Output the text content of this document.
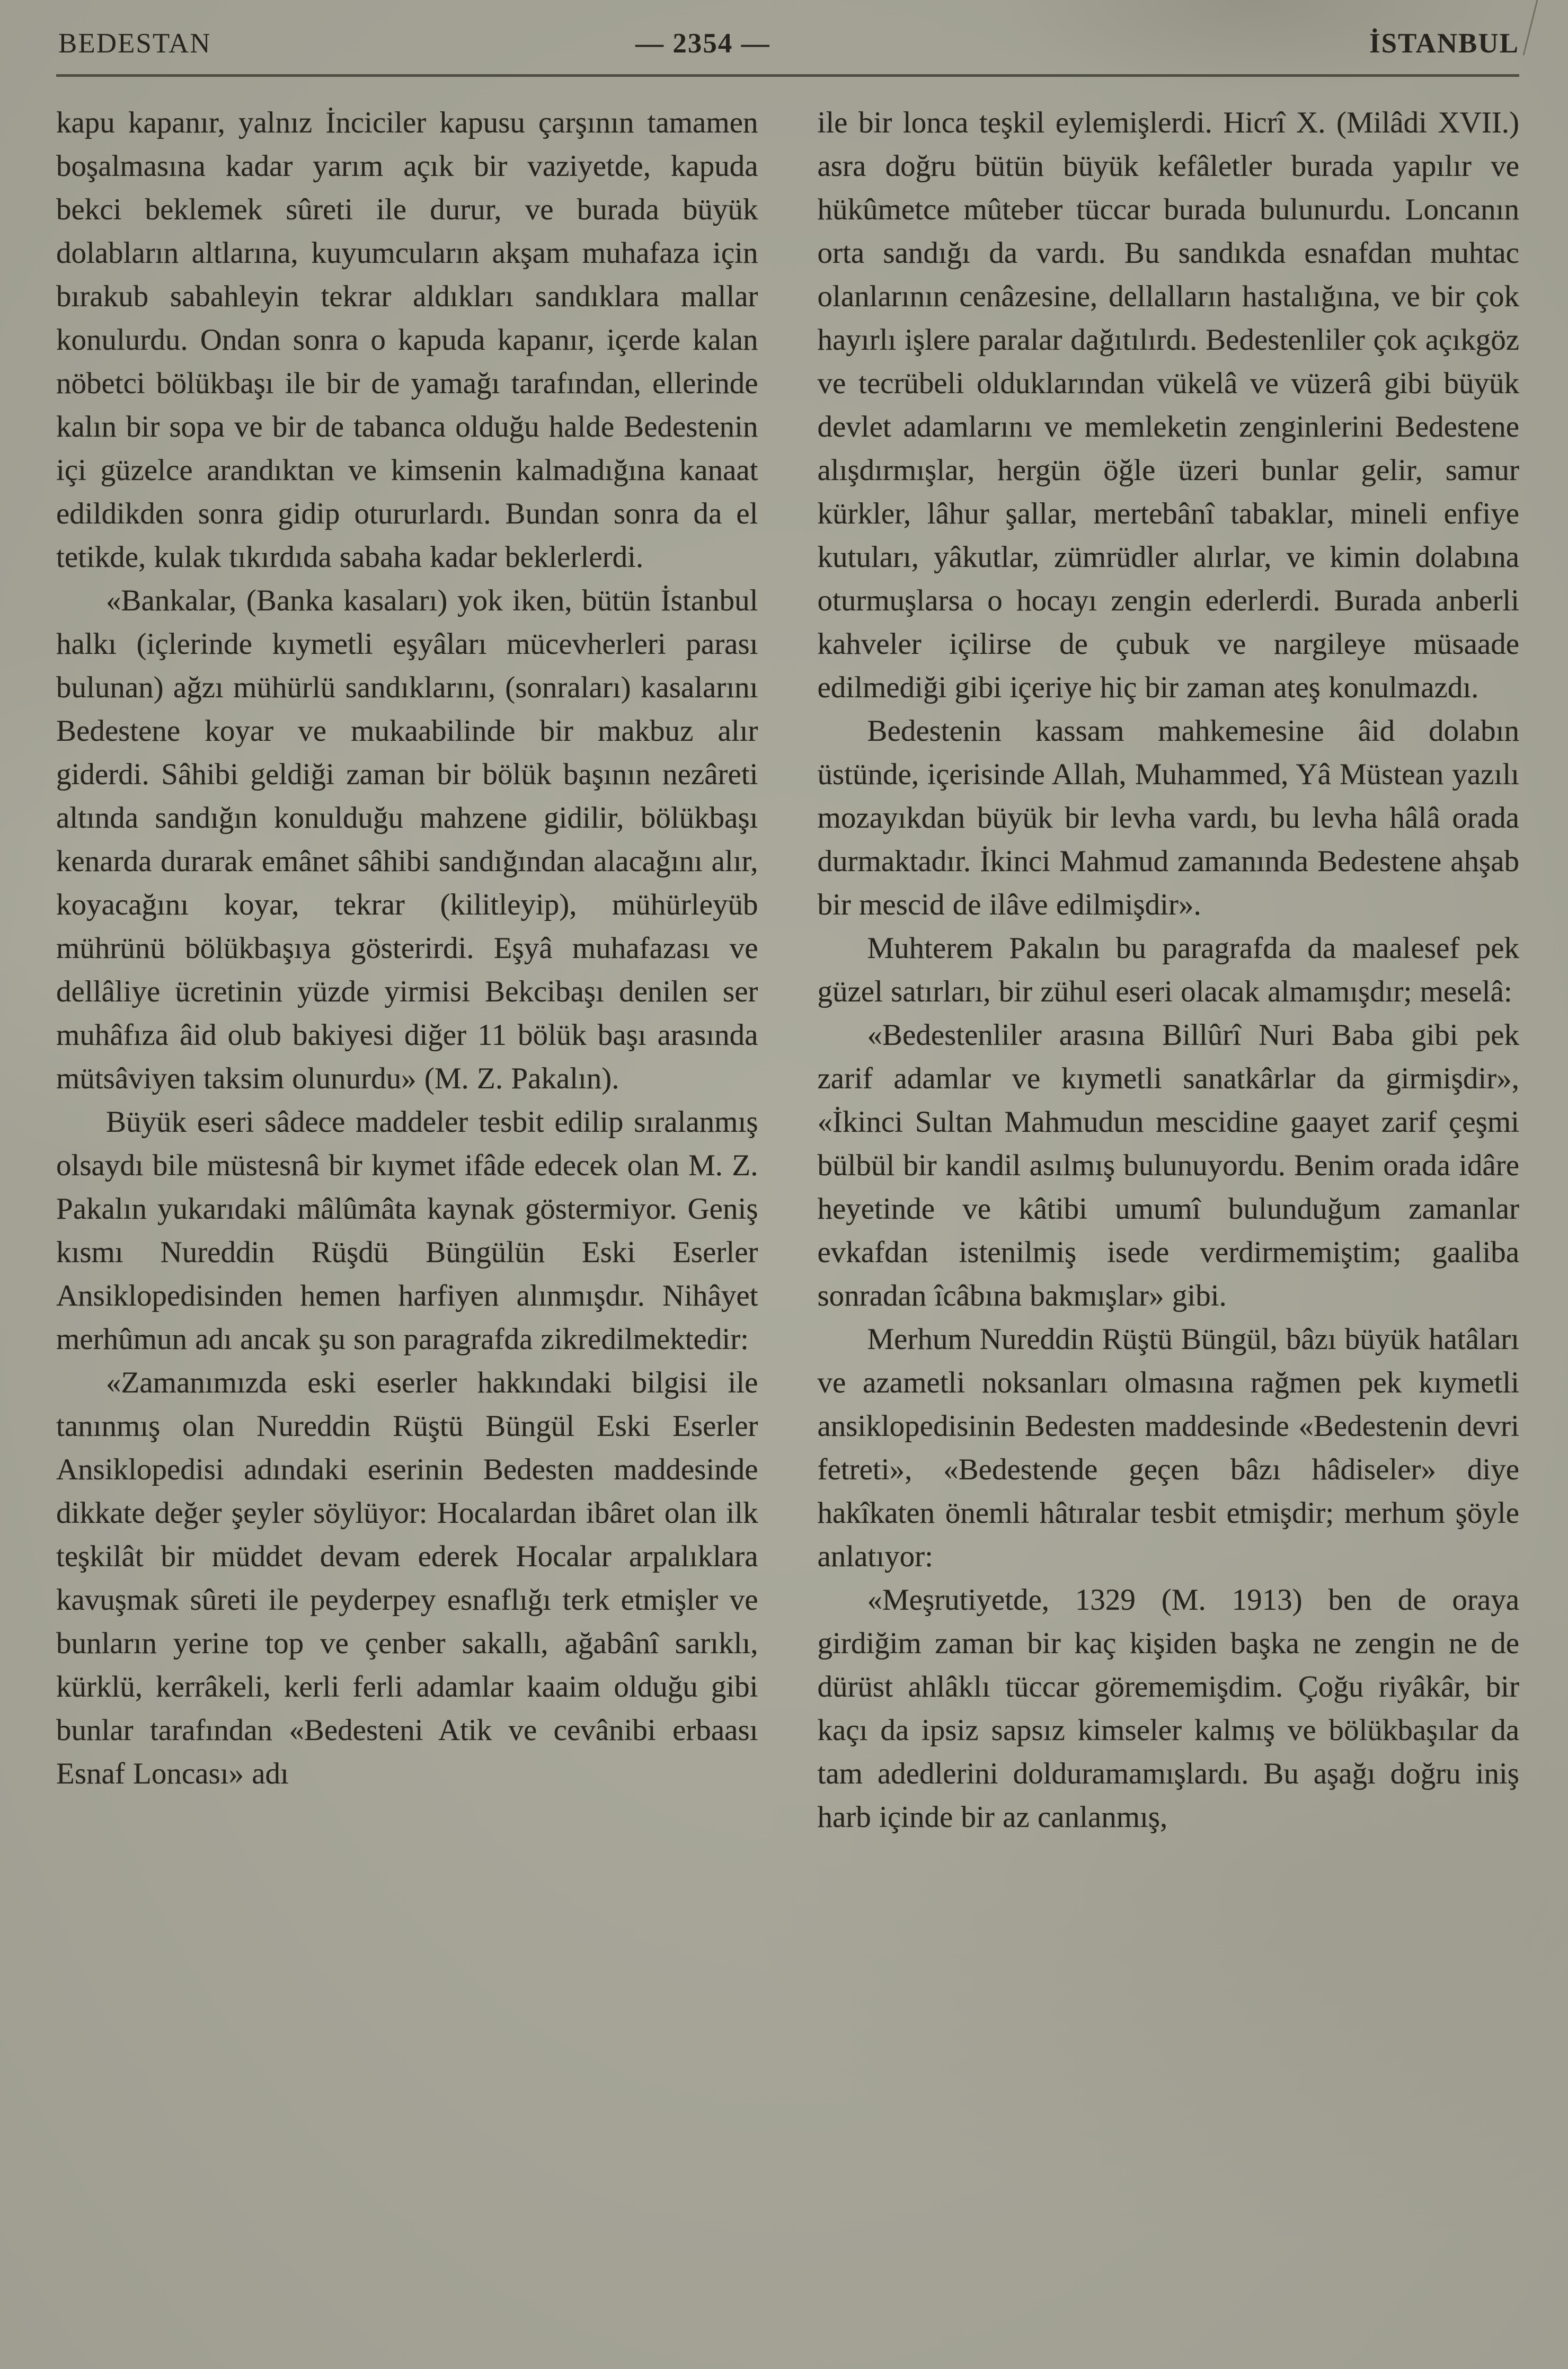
BEDESTAN	— 2354 —	İSTANBUL

kapu kapanır, yalnız İnciciler kapusu çarşının tamamen boşalmasına kadar yarım açık bir vaziyetde, kapuda bekci beklemek sûreti ile durur, ve burada büyük dolabların altlarına, kuyumcuların akşam muhafaza için bırakub sabahleyin tekrar aldıkları sandıklara mallar konulurdu. Ondan sonra o kapuda kapanır, içerde kalan nöbetci bölükbaşı ile bir de yamağı tarafından, ellerinde kalın bir sopa ve bir de tabanca olduğu halde Bedestenin içi güzelce arandıktan ve kimsenin kalmadığına kanaat edildikden sonra gidip otururlardı. Bundan sonra da el tetikde, kulak tıkırdıda sabaha kadar beklerlerdi.

«Bankalar, (Banka kasaları) yok iken, bütün İstanbul halkı (içlerinde kıymetli eşyâları mücevherleri parası bulunan) ağzı mühürlü sandıklarını, (sonraları) kasalarını Bedestene koyar ve mukaabilinde bir makbuz alır giderdi. Sâhibi geldiği zaman bir bölük başının nezâreti altında sandığın konulduğu mahzene gidilir, bölükbaşı kenarda durarak emânet sâhibi sandığından alacağını alır, koyacağını koyar, tekrar (kilitleyip), mühürleyüb mührünü bölükbaşıya gösterirdi. Eşyâ muhafazası ve dellâliye ücretinin yüzde yirmisi Bekcibaşı denilen ser muhâfıza âid olub bakiyesi diğer 11 bölük başı arasında mütsâviyen taksim olunurdu» (M. Z. Pakalın).

Büyük eseri sâdece maddeler tesbit edilip sıralanmış olsaydı bile müstesnâ bir kıymet ifâde edecek olan M. Z. Pakalın yukarıdaki mâlûmâta kaynak göstermiyor. Geniş kısmı Nureddin Rüşdü Büngülün Eski Eserler Ansiklopedisinden hemen harfiyen alınmışdır. Nihâyet merhûmun adı ancak şu son paragrafda zikredilmektedir:

«Zamanımızda eski eserler hakkındaki bilgisi ile tanınmış olan Nureddin Rüştü Büngül Eski Eserler Ansiklopedisi adındaki eserinin Bedesten maddesinde dikkate değer şeyler söylüyor: Hocalardan ibâret olan ilk teşkilât bir müddet devam ederek Hocalar arpalıklara kavuşmak sûreti ile peyderpey esnaflığı terk etmişler ve bunların yerine top ve çenber sakallı, ağabânî sarıklı, kürklü, kerrâkeli, kerli ferli adamlar kaaim olduğu gibi bunlar tarafından «Bedesteni Atik ve cevânibi erbaası Esnaf Loncası» adı

ile bir lonca teşkil eylemişlerdi. Hicrî X. (Milâdi XVII.) asra doğru bütün büyük kefâletler burada yapılır ve hükûmetce mûteber tüccar burada bulunurdu. Loncanın orta sandığı da vardı. Bu sandıkda esnafdan muhtac olanlarının cenâzesine, dellalların hastalığına, ve bir çok hayırlı işlere paralar dağıtılırdı. Bedestenliler çok açıkgöz ve tecrübeli olduklarından vükelâ ve vüzerâ gibi büyük devlet adamlarını ve memleketin zenginlerini Bedestene alışdırmışlar, hergün öğle üzeri bunlar gelir, samur kürkler, lâhur şallar, mertebânî tabaklar, mineli enfiye kutuları, yâkutlar, zümrüdler alırlar, ve kimin dolabına oturmuşlarsa o hocayı zengin ederlerdi. Burada anberli kahveler içilirse de çubuk ve nargileye müsaade edilmediği gibi içeriye hiç bir zaman ateş konulmazdı.

Bedestenin kassam mahkemesine âid dolabın üstünde, içerisinde Allah, Muhammed, Yâ Müstean yazılı mozayıkdan büyük bir levha vardı, bu levha hâlâ orada durmaktadır. İkinci Mahmud zamanında Bedestene ahşab bir mescid de ilâve edilmişdir».

Muhterem Pakalın bu paragrafda da maalesef pek güzel satırları, bir zühul eseri olacak almamışdır; meselâ:

«Bedestenliler arasına Billûrî Nuri Baba gibi pek zarif adamlar ve kıymetli sanatkârlar da girmişdir», «İkinci Sultan Mahmudun mescidine gaayet zarif çeşmi bülbül bir kandil asılmış bulunuyordu. Benim orada idâre heyetinde ve kâtibi umumî bulunduğum zamanlar evkafdan istenilmiş isede verdirmemiştim; gaaliba sonradan îcâbına bakmışlar» gibi.

Merhum Nureddin Rüştü Büngül, bâzı büyük hatâları ve azametli noksanları olmasına rağmen pek kıymetli ansiklopedisinin Bedesten maddesinde «Bedestenin devri fetreti», «Bedestende geçen bâzı hâdiseler» diye hakîkaten önemli hâtıralar tesbit etmişdir; merhum şöyle anlatıyor:

«Meşrutiyetde, 1329 (M. 1913) ben de oraya girdiğim zaman bir kaç kişiden başka ne zengin ne de dürüst ahlâklı tüccar görememişdim. Çoğu riyâkâr, bir kaçı da ipsiz sapsız kimseler kalmış ve bölükbaşılar da tam adedlerini dolduramamışlardı. Bu aşağı doğru iniş harb içinde bir az canlanmış,
